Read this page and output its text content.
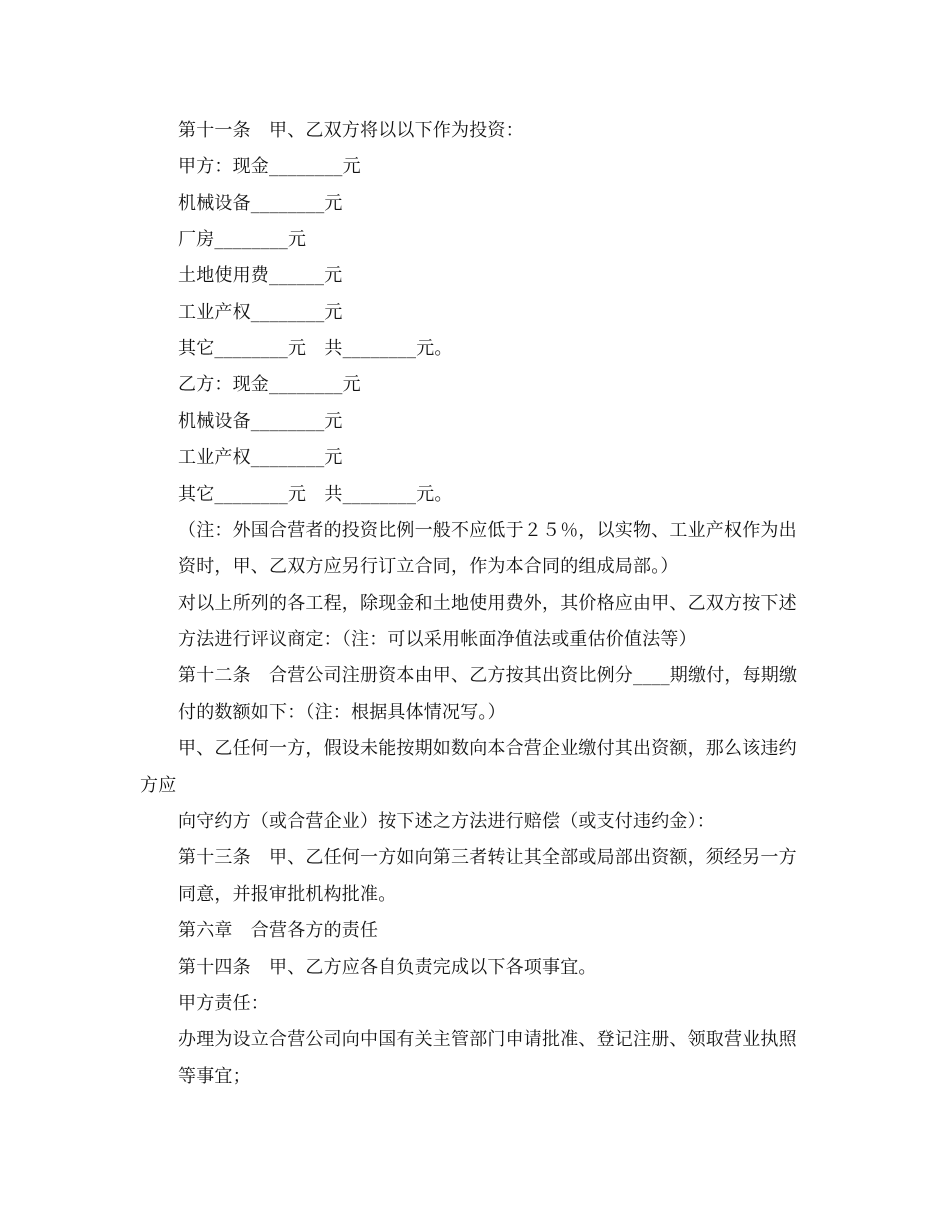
第十一条　甲、乙双方将以以下作为投资：
甲方：现金________元
机械设备________元
厂房________元
土地使用费______元
工业产权________元
其它________元　共________元。
乙方：现金________元
机械设备________元
工业产权________元
其它________元　共________元。
（注：外国合营者的投资比例一般不应低于２５％，以实物、工业产权作为出
资时，甲、乙双方应另行订立合同，作为本合同的组成局部。）
对以上所列的各工程，除现金和土地使用费外，其价格应由甲、乙双方按下述
方法进行评议商定：（注：可以采用帐面净值法或重估价值法等）
第十二条　合营公司注册资本由甲、乙方按其出资比例分____期缴付，每期缴
付的数额如下：（注：根据具体情况写。）
甲、乙任何一方，假设未能按期如数向本合营企业缴付其出资额，那么该违约
方应
向守约方（或合营企业）按下述之方法进行赔偿（或支付违约金）：
第十三条　甲、乙任何一方如向第三者转让其全部或局部出资额，须经另一方
同意，并报审批机构批准。
第六章　合营各方的责任
第十四条　甲、乙方应各自负责完成以下各项事宜。
甲方责任：
办理为设立合营公司向中国有关主管部门申请批准、登记注册、领取营业执照
等事宜；
